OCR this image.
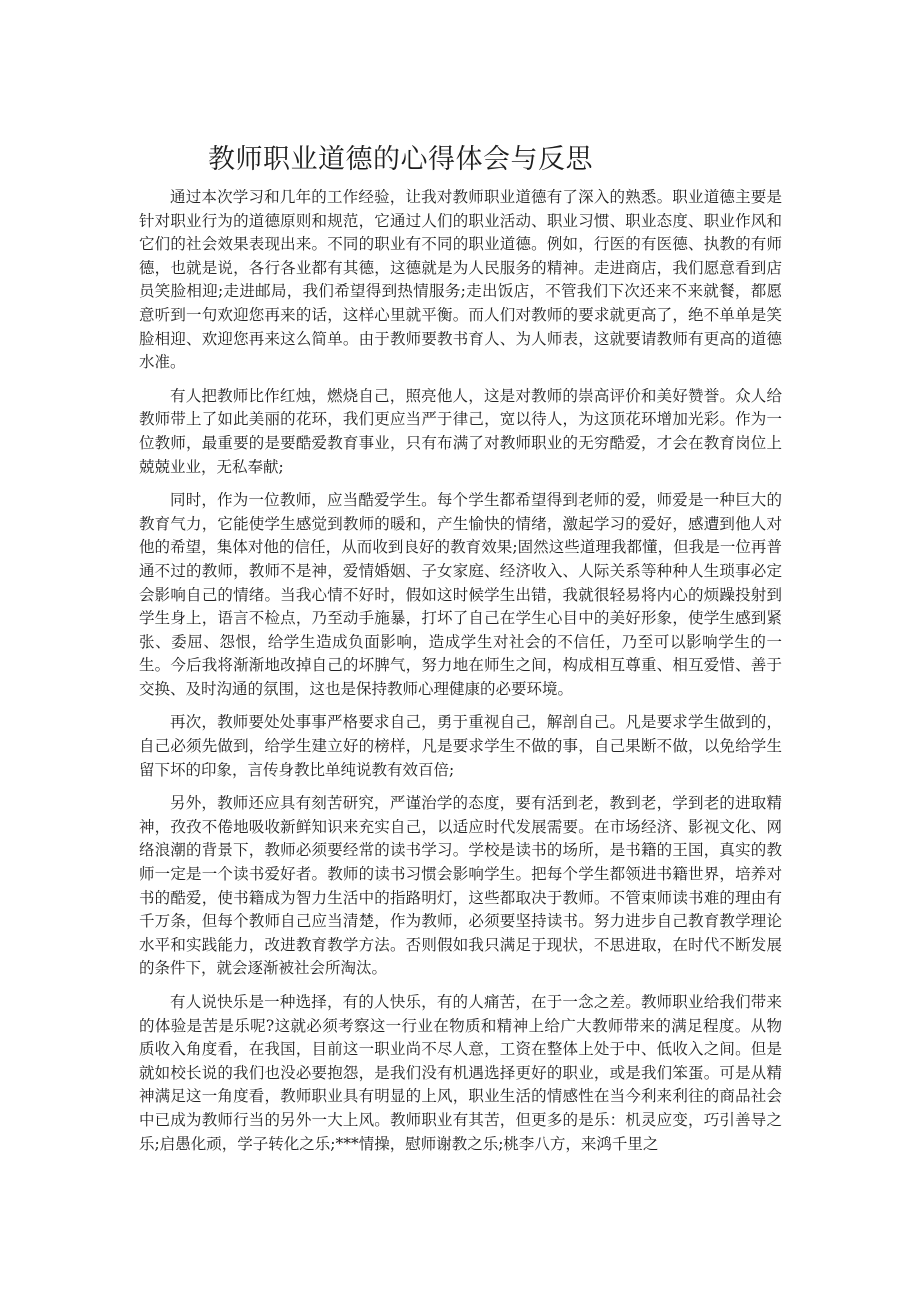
教师职业道德的心得体会与反思

通过本次学习和几年的工作经验，让我对教师职业道德有了深入的熟悉。职业道德主要是针对职业行为的道德原则和规范，它通过人们的职业活动、职业习惯、职业态度、职业作风和它们的社会效果表现出来。不同的职业有不同的职业道德。例如，行医的有医德、执教的有师德，也就是说，各行各业都有其德，这德就是为人民服务的精神。走进商店，我们愿意看到店员笑脸相迎;走进邮局，我们希望得到热情服务;走出饭店，不管我们下次还来不来就餐，都愿意听到一句欢迎您再来的话，这样心里就平衡。而人们对教师的要求就更高了，绝不单单是笑脸相迎、欢迎您再来这么简单。由于教师要教书育人、为人师表，这就要请教师有更高的道德水准。

有人把教师比作红烛，燃烧自己，照亮他人，这是对教师的崇高评价和美好赞誉。众人给教师带上了如此美丽的花环，我们更应当严于律己，宽以待人，为这顶花环增加光彩。作为一位教师，最重要的是要酷爱教育事业，只有布满了对教师职业的无穷酷爱，才会在教育岗位上兢兢业业，无私奉献;

同时，作为一位教师，应当酷爱学生。每个学生都希望得到老师的爱，师爱是一种巨大的教育气力，它能使学生感觉到教师的暖和，产生愉快的情绪，激起学习的爱好，感遭到他人对他的希望，集体对他的信任，从而收到良好的教育效果;固然这些道理我都懂，但我是一位再普通不过的教师，教师不是神，爱情婚姻、子女家庭、经济收入、人际关系等种种人生琐事必定会影响自己的情绪。当我心情不好时，假如这时候学生出错，我就很轻易将内心的烦躁投射到学生身上，语言不检点，乃至动手施暴，打坏了自己在学生心目中的美好形象，使学生感到紧张、委屈、怨恨，给学生造成负面影响，造成学生对社会的不信任，乃至可以影响学生的一生。今后我将渐渐地改掉自己的坏脾气，努力地在师生之间，构成相互尊重、相互爱惜、善于交换、及时沟通的氛围，这也是保持教师心理健康的必要环境。

再次，教师要处处事事严格要求自己，勇于重视自己，解剖自己。凡是要求学生做到的，自己必须先做到，给学生建立好的榜样，凡是要求学生不做的事，自己果断不做，以免给学生留下坏的印象，言传身教比单纯说教有效百倍;

另外，教师还应具有刻苦研究，严谨治学的态度，要有活到老，教到老，学到老的进取精神，孜孜不倦地吸收新鲜知识来充实自己，以适应时代发展需要。在市场经济、影视文化、网络浪潮的背景下，教师必须要经常的读书学习。学校是读书的场所，是书籍的王国，真实的教师一定是一个读书爱好者。教师的读书习惯会影响学生。把每个学生都领进书籍世界，培养对书的酷爱，使书籍成为智力生活中的指路明灯，这些都取决于教师。不管束师读书难的理由有千万条，但每个教师自己应当清楚，作为教师，必须要坚持读书。努力进步自己教育教学理论水平和实践能力，改进教育教学方法。否则假如我只满足于现状，不思进取，在时代不断发展的条件下，就会逐渐被社会所淘汰。

有人说快乐是一种选择，有的人快乐，有的人痛苦，在于一念之差。教师职业给我们带来的体验是苦是乐呢?这就必须考察这一行业在物质和精神上给广大教师带来的满足程度。从物质收入角度看，在我国，目前这一职业尚不尽人意，工资在整体上处于中、低收入之间。但是就如校长说的我们也没必要抱怨，是我们没有机遇选择更好的职业，或是我们笨蛋。可是从精神满足这一角度看，教师职业具有明显的上风，职业生活的情感性在当今利来利往的商品社会中已成为教师行当的另外一大上风。教师职业有其苦，但更多的是乐：机灵应变，巧引善导之乐;启愚化顽，学子转化之乐;***情操，慰师谢教之乐;桃李八方，来鸿千里之
